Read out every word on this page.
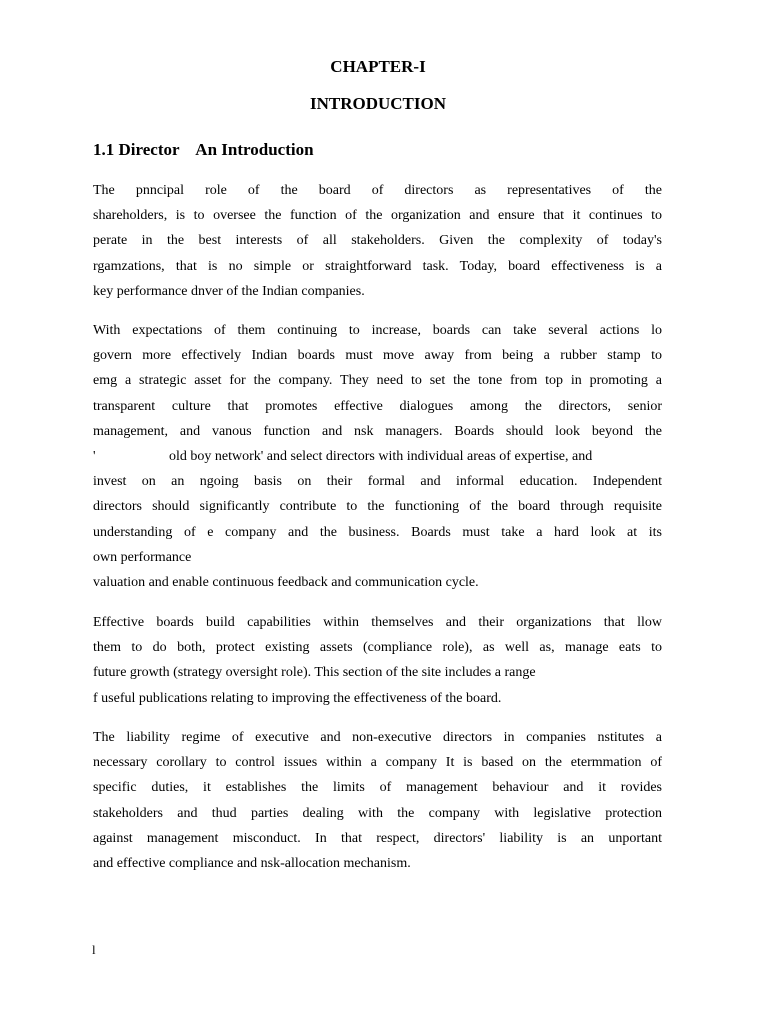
CHAPTER-I
INTRODUCTION
1.1 Director    An Introduction
The pnncipal role of the board of directors as representatives of the
shareholders, is to oversee the function of the organization and ensure that it continues to
perate in the best interests of all stakeholders. Given the complexity of today's
rgamzations, that is no simple or straightforward task. Today, board effectiveness is a
key performance dnver of the Indian companies.
With expectations of them continuing to increase, boards can take several actions lo
govern more effectively Indian boards must move away from being a rubber stamp to
emg a strategic asset for the company. They need to set the tone from top in promoting a
transparent culture that promotes effective dialogues among the directors, senior
management, and vanous function and nsk managers. Boards should look beyond the
'                     old boy network' and select directors with individual areas of expertise, and
invest on an ngoing basis on their formal and informal education. Independent
directors should significantly contribute to the functioning of the board through requisite
understanding of e company and the business. Boards must take a hard look at its
own performance
valuation and enable continuous feedback and communication cycle.
Effective boards build capabilities within themselves and their organizations that llow
them to do both, protect existing assets (compliance role), as well as, manage eats to
future growth (strategy oversight role). This section of the site includes a range
f useful publications relating to improving the effectiveness of the board.
The liability regime of executive and non-executive directors in companies nstitutes a
necessary corollary to control issues within a company It is based on the etermmation of
specific duties, it establishes the limits of management behaviour and it rovides
stakeholders and thud parties dealing with the company with legislative protection
against management misconduct. In that respect, directors' liability is an unportant
and effective compliance and nsk-allocation mechanism.
l
